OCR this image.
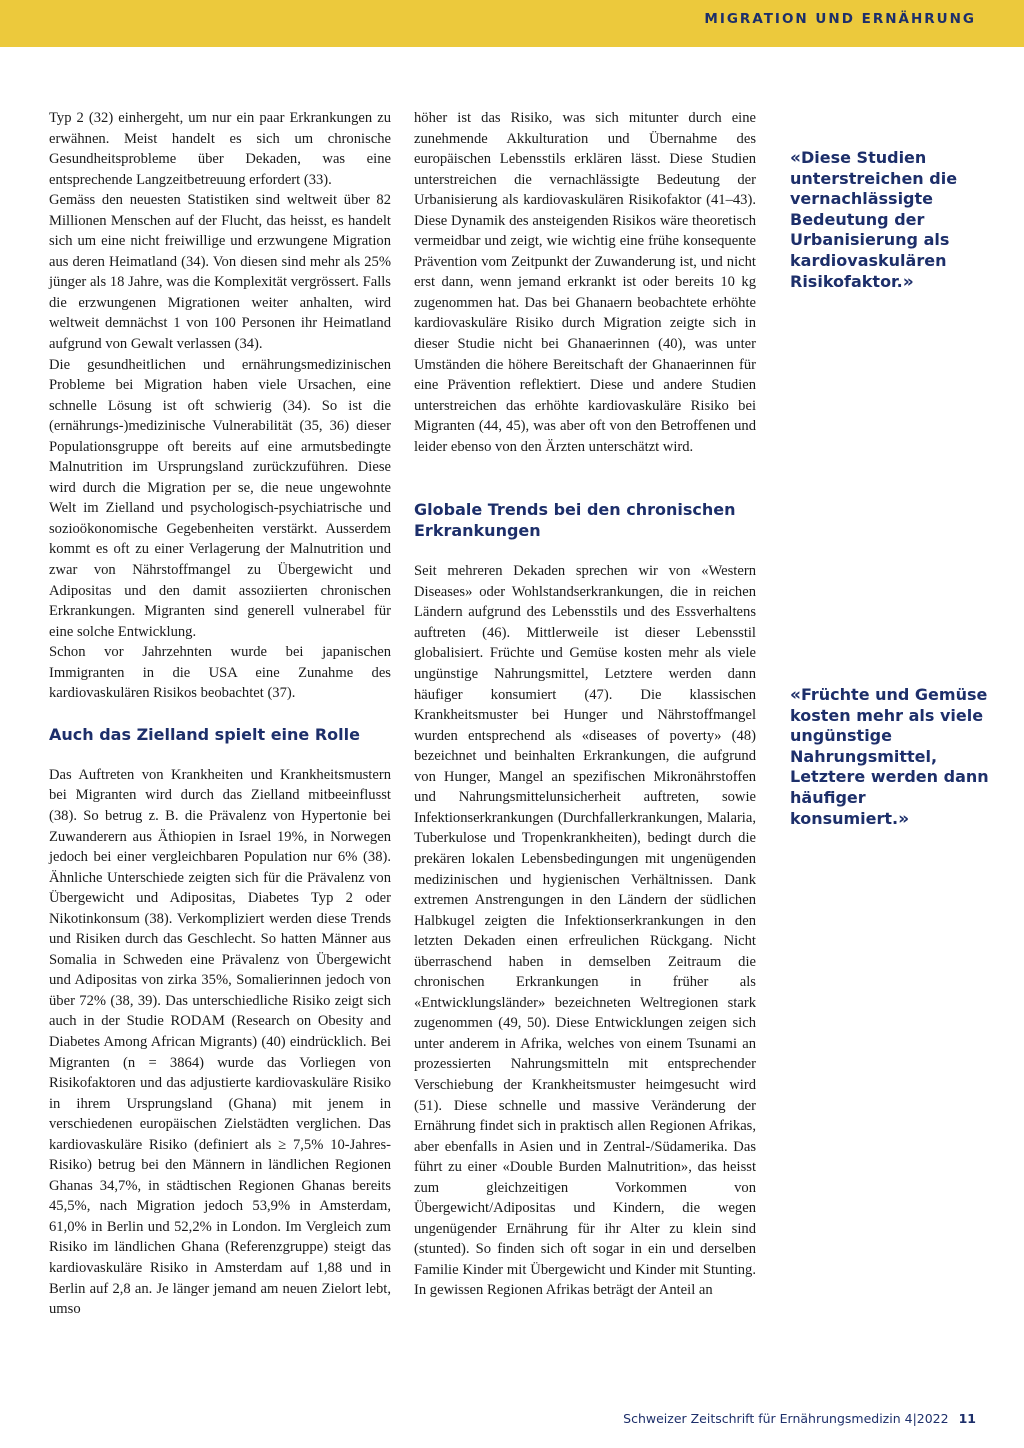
MIGRATION UND ERNÄHRUNG

Typ 2 (32) einhergeht, um nur ein paar Erkrankungen zu erwähnen. Meist handelt es sich um chronische Gesundheitsprobleme über Dekaden, was eine entsprechende Langzeitbetreuung erfordert (33).

Gemäss den neuesten Statistiken sind weltweit über 82 Millionen Menschen auf der Flucht, das heisst, es handelt sich um eine nicht freiwillige und erzwungene Migration aus deren Heimatland (34). Von diesen sind mehr als 25% jünger als 18 Jahre, was die Komplexität vergrössert. Falls die erzwungenen Migrationen weiter anhalten, wird weltweit demnächst 1 von 100 Personen ihr Heimatland aufgrund von Gewalt verlassen (34).

Die gesundheitlichen und ernährungsmedizinischen Probleme bei Migration haben viele Ursachen, eine schnelle Lösung ist oft schwierig (34). So ist die (ernährungs-)medizinische Vulnerabilität (35, 36) dieser Populationsgruppe oft bereits auf eine armutsbedingte Malnutrition im Ursprungsland zurückzuführen. Diese wird durch die Migration per se, die neue ungewohnte Welt im Zielland und psychologisch-psychiatrische und sozioökonomische Gegebenheiten verstärkt. Ausserdem kommt es oft zu einer Verlagerung der Malnutrition und zwar von Nährstoffmangel zu Übergewicht und Adipositas und den damit assoziierten chronischen Erkrankungen. Migranten sind generell vulnerabel für eine solche Entwicklung.

Schon vor Jahrzehnten wurde bei japanischen Immigranten in die USA eine Zunahme des kardiovaskulären Risikos beobachtet (37).

Auch das Zielland spielt eine Rolle

Das Auftreten von Krankheiten und Krankheitsmustern bei Migranten wird durch das Zielland mitbeeinflusst (38). So betrug z. B. die Prävalenz von Hypertonie bei Zuwanderern aus Äthiopien in Israel 19%, in Norwegen jedoch bei einer vergleichbaren Population nur 6% (38). Ähnliche Unterschiede zeigten sich für die Prävalenz von Übergewicht und Adipositas, Diabetes Typ 2 oder Nikotinkonsum (38). Verkompliziert werden diese Trends und Risiken durch das Geschlecht. So hatten Männer aus Somalia in Schweden eine Prävalenz von Übergewicht und Adipositas von zirka 35%, Somalierinnen jedoch von über 72% (38, 39). Das unterschiedliche Risiko zeigt sich auch in der Studie RODAM (Research on Obesity and Diabetes Among African Migrants) (40) eindrücklich. Bei Migranten (n = 3864) wurde das Vorliegen von Risikofaktoren und das adjustierte kardiovaskuläre Risiko in ihrem Ursprungsland (Ghana) mit jenem in verschiedenen europäischen Zielstädten verglichen. Das kardiovaskuläre Risiko (definiert als ≥ 7,5% 10-Jahres-Risiko) betrug bei den Männern in ländlichen Regionen Ghanas 34,7%, in städtischen Regionen Ghanas bereits 45,5%, nach Migration jedoch 53,9% in Amsterdam, 61,0% in Berlin und 52,2% in London. Im Vergleich zum Risiko im ländlichen Ghana (Referenzgruppe) steigt das kardiovaskuläre Risiko in Amsterdam auf 1,88 und in Berlin auf 2,8 an. Je länger jemand am neuen Zielort lebt, umso

höher ist das Risiko, was sich mitunter durch eine zunehmende Akkulturation und Übernahme des europäischen Lebensstils erklären lässt. Diese Studien unterstreichen die vernachlässigte Bedeutung der Urbanisierung als kardiovaskulären Risikofaktor (41–43). Diese Dynamik des ansteigenden Risikos wäre theoretisch vermeidbar und zeigt, wie wichtig eine frühe konsequente Prävention vom Zeitpunkt der Zuwanderung ist, und nicht erst dann, wenn jemand erkrankt ist oder bereits 10 kg zugenommen hat. Das bei Ghanaern beobachtete erhöhte kardiovaskuläre Risiko durch Migration zeigte sich in dieser Studie nicht bei Ghanaerinnen (40), was unter Umständen die höhere Bereitschaft der Ghanaerinnen für eine Prävention reflektiert. Diese und andere Studien unterstreichen das erhöhte kardiovaskuläre Risiko bei Migranten (44, 45), was aber oft von den Betroffenen und leider ebenso von den Ärzten unterschätzt wird.

Globale Trends bei den chronischen Erkrankungen

Seit mehreren Dekaden sprechen wir von «Western Diseases» oder Wohlstandserkrankungen, die in reichen Ländern aufgrund des Lebensstils und des Essverhaltens auftreten (46). Mittlerweile ist dieser Lebensstil globalisiert. Früchte und Gemüse kosten mehr als viele ungünstige Nahrungsmittel, Letztere werden dann häufiger konsumiert (47). Die klassischen Krankheitsmuster bei Hunger und Nährstoffmangel wurden entsprechend als «diseases of poverty» (48) bezeichnet und beinhalten Erkrankungen, die aufgrund von Hunger, Mangel an spezifischen Mikronährstoffen und Nahrungsmittelunsicherheit auftreten, sowie Infektionserkrankungen (Durchfallerkrankungen, Malaria, Tuberkulose und Tropenkrankheiten), bedingt durch die prekären lokalen Lebensbedingungen mit ungenügenden medizinischen und hygienischen Verhältnissen. Dank extremen Anstrengungen in den Ländern der südlichen Halbkugel zeigten die Infektionserkrankungen in den letzten Dekaden einen erfreulichen Rückgang. Nicht überraschend haben in demselben Zeitraum die chronischen Erkrankungen in früher als «Entwicklungsländer» bezeichneten Weltregionen stark zugenommen (49, 50). Diese Entwicklungen zeigen sich unter anderem in Afrika, welches von einem Tsunami an prozessierten Nahrungsmitteln mit entsprechender Verschiebung der Krankheitsmuster heimgesucht wird (51). Diese schnelle und massive Veränderung der Ernährung findet sich in praktisch allen Regionen Afrikas, aber ebenfalls in Asien und in Zentral-/Südamerika. Das führt zu einer «Double Burden Malnutrition», das heisst zum gleichzeitigen Vorkommen von Übergewicht/Adipositas und Kindern, die wegen ungenügender Ernährung für ihr Alter zu klein sind (stunted). So finden sich oft sogar in ein und derselben Familie Kinder mit Übergewicht und Kinder mit Stunting. In gewissen Regionen Afrikas beträgt der Anteil an

«Diese Studien unterstreichen die vernachlässigte Bedeutung der Urbanisierung als kardiovaskulären Risikofaktor.»
«Früchte und Gemüse kosten mehr als viele ungünstige Nahrungsmittel, Letztere werden dann häufiger konsumiert.»
Schweizer Zeitschrift für Ernährungsmedizin 4|2022 11
